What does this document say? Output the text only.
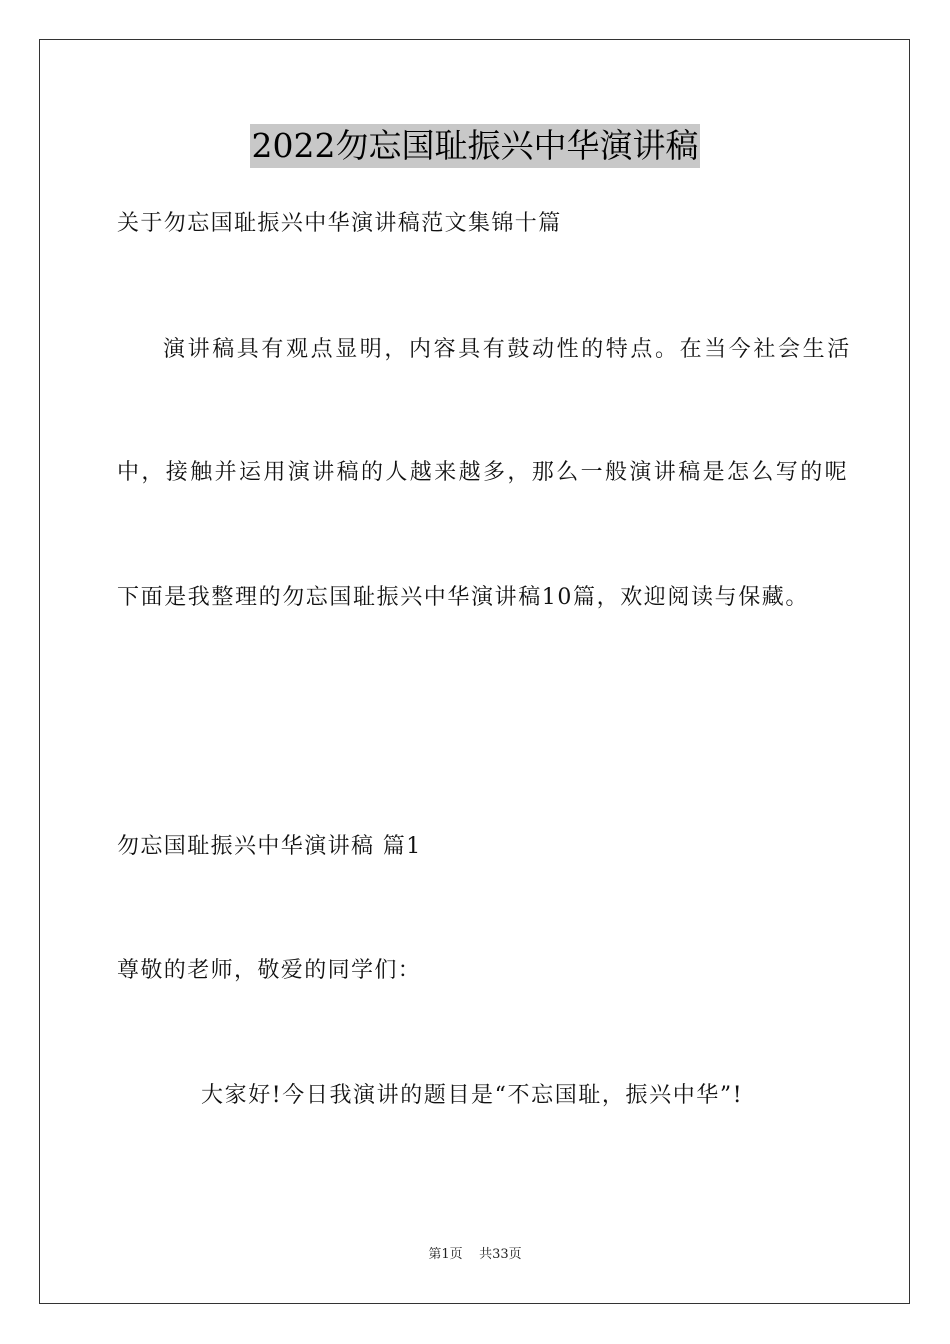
2022勿忘国耻振兴中华演讲稿
关于勿忘国耻振兴中华演讲稿范文集锦十篇
演讲稿具有观点显明，内容具有鼓动性的特点。在当今社会生活
中，接触并运用演讲稿的人越来越多，那么一般演讲稿是怎么写的呢
下面是我整理的勿忘国耻振兴中华演讲稿10篇，欢迎阅读与保藏。
勿忘国耻振兴中华演讲稿 篇1
尊敬的老师，敬爱的同学们：
大家好!今日我演讲的题目是“不忘国耻，振兴中华”!
第1页 共33页
